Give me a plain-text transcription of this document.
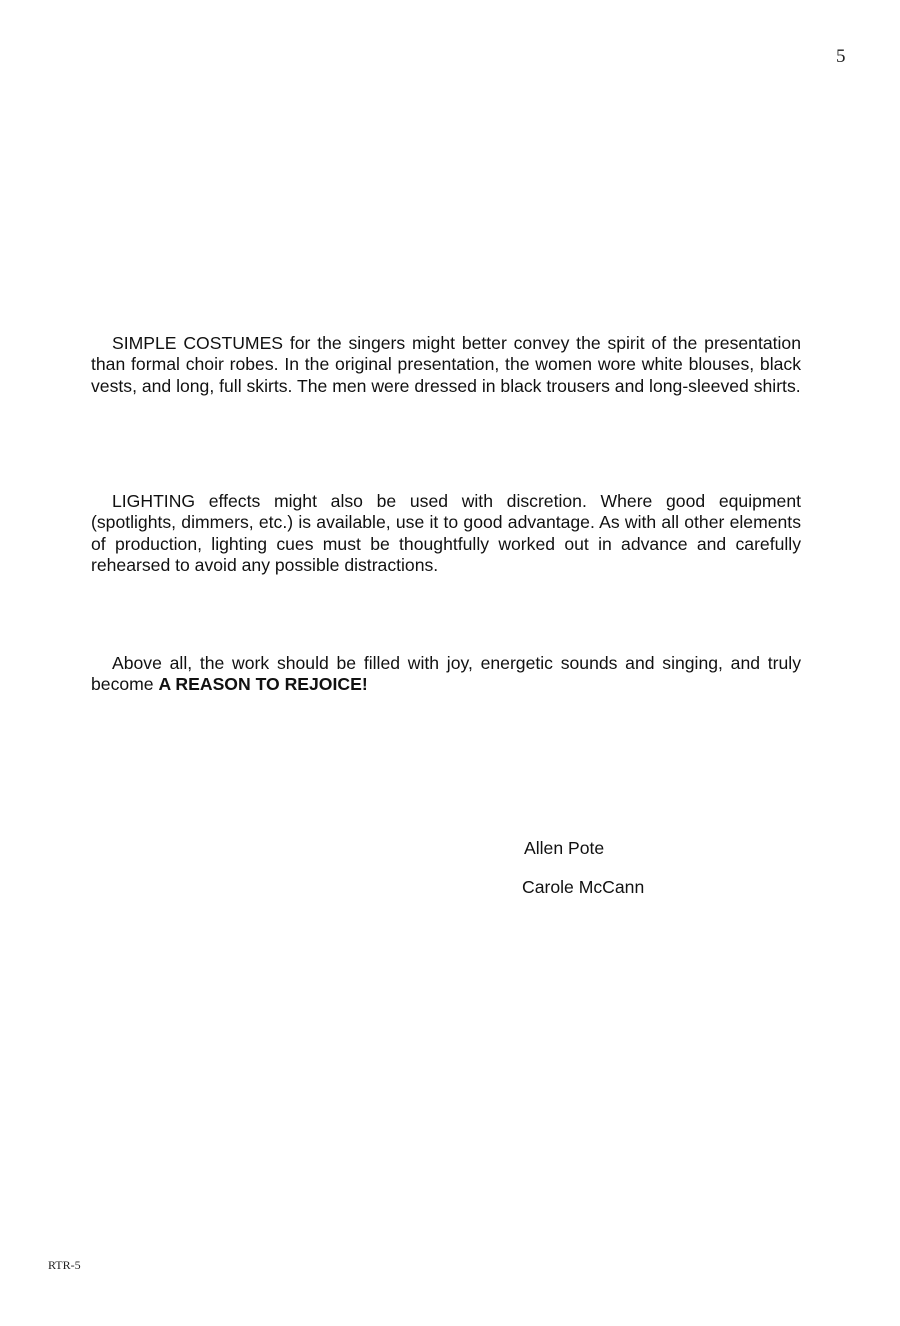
5

SIMPLE COSTUMES for the singers might better convey the spirit of the presentation than formal choir robes. In the original presentation, the women wore white blouses, black vests, and long, full skirts. The men were dressed in black trousers and long-sleeved shirts.

LIGHTING effects might also be used with discretion. Where good equipment (spotlights, dimmers, etc.) is available, use it to good advantage. As with all other elements of production, lighting cues must be thoughtfully worked out in advance and carefully rehearsed to avoid any possible distractions.

Above all, the work should be filled with joy, energetic sounds and singing, and truly become A REASON TO REJOICE!

Allen Pote
Carole McCann
RTR-5
